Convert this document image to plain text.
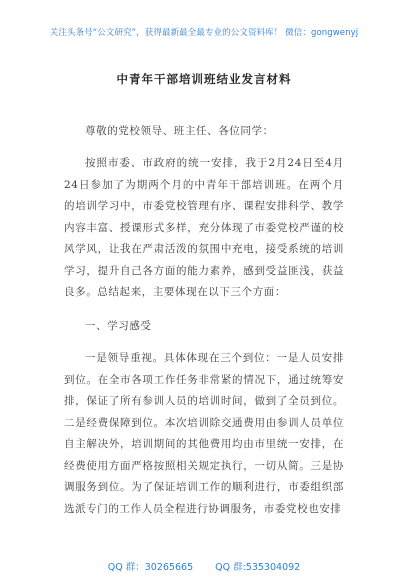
关注头条号“公文研究”，获得最新最全最专业的公文资料库！ 微信：gongwenyj
中青年干部培训班结业发言材料
尊敬的党校领导、班主任、各位同学：
按照市委、市政府的统一安排，我于2月24日至4月24日参加了为期两个月的中青年干部培训班。在两个月的培训学习中，市委党校管理有序、课程安排科学、教学内容丰富、授课形式多样，充分体现了市委党校严谨的校风学风，让我在严肃活泼的氛围中充电，接受系统的培训学习，提升自己各方面的能力素养，感到受益匪浅，获益良多。总结起来，主要体现在以下三个方面：
一、学习感受
一是领导重视。具体体现在三个到位：一是人员安排到位。在全市各项工作任务非常紧的情况下，通过统筹安排，保证了所有参训人员的培训时间，做到了全员到位。二是经费保障到位。本次培训除交通费用由参训人员单位自主解决外，培训期间的其他费用均由市里统一安排，在经费使用方面严格按照相关规定执行，一切从简。三是协调服务到位。为了保证培训工作的顺利进行，市委组织部选派专门的工作人员全程进行协调服务，市委党校也安排
QQ 群：30265665 QQ 群:535304092
